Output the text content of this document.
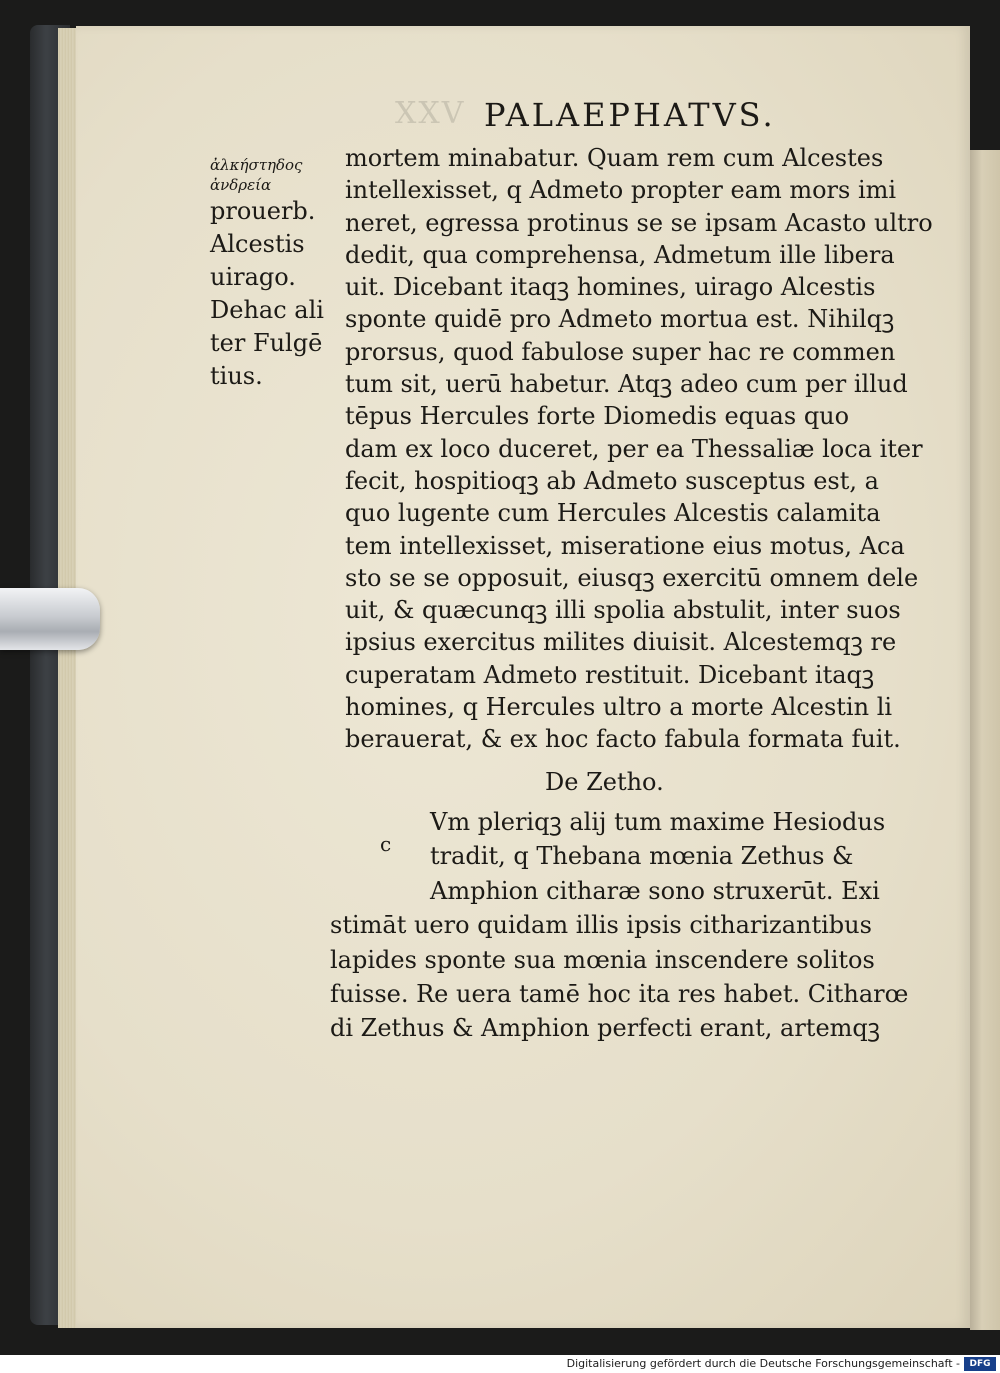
XXV PALAEPHATVS.
ἀλκήστηδος
ἀνδρεία
prouerb.
Alcestis
uirago.
Dehac ali
ter Fulgē
tius.
mortem minabatur. Quam rem cum Alcestes
intellexisset, q Admeto propter eam mors imi
neret, egressa protinus se se ipsam Acasto ultro
dedit, qua comprehensa, Admetum ille libera
uit. Dicebant itaqꝫ homines, uirago Alcestis
sponte quidē pro Admeto mortua est. Nihilqꝫ
prorsus, quod fabulose super hac re commen
tum sit, uerū habetur. Atqꝫ adeo cum per illud
tēpus Hercules forte Diomedis equas quo
dam ex loco duceret, per ea Thessaliæ loca iter
fecit, hospitioqꝫ ab Admeto susceptus est, a
quo lugente cum Hercules Alcestis calamita
tem intellexisset, miseratione eius motus, Aca
sto se se opposuit, eiusqꝫ exercitū omnem dele
uit, & quæcunqꝫ illi spolia abstulit, inter suos
ipsius exercitus milites diuisit. Alcestemqꝫ re
cuperatam Admeto restituit. Dicebant itaqꝫ
homines, q Hercules ultro a morte Alcestin li
berauerat, & ex hoc facto fabula formata fuit.
De Zetho.
c
Vm pleriqꝫ alij tum maxime Hesiodus
tradit, q Thebana mœnia Zethus &
Amphion citharæ sono struxerūt. Exi
stimāt uero quidam illis ipsis citharizantibus
lapides sponte sua mœnia inscendere solitos
fuisse. Re uera tamē hoc ita res habet. Citharœ
di Zethus & Amphion perfecti erant, artemqꝫ
Digitalisierung gefördert durch die Deutsche Forschungsgemeinschaft -	DFG
